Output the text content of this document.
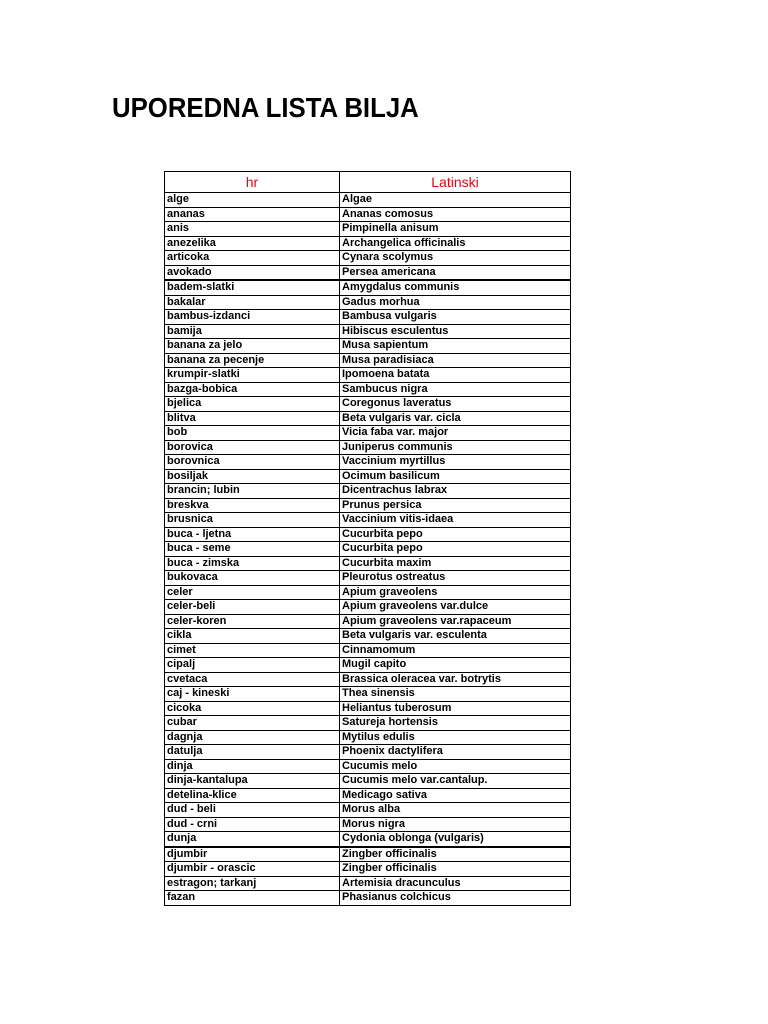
UPOREDNA LISTA BILJA
hr	Latinski
alge	Algae
ananas	Ananas comosus
anis	Pimpinella anisum
anezelika	Archangelica officinalis
articoka	Cynara scolymus
avokado	Persea americana
badem-slatki	Amygdalus communis
bakalar	Gadus morhua
bambus-izdanci	Bambusa vulgaris
bamija	Hibiscus esculentus
banana za jelo	Musa sapientum
banana za pecenje	Musa paradisiaca
krumpir-slatki	Ipomoena batata
bazga-bobica	Sambucus nigra
bjelica	Coregonus laveratus
blitva	Beta vulgaris var. cicla
bob	Vicia faba var. major
borovica	Juniperus communis
borovnica	Vaccinium myrtillus
bosiljak	Ocimum basilicum
brancin; lubin	Dicentrachus labrax
breskva	Prunus persica
brusnica	Vaccinium vitis-idaea
buca - ljetna	Cucurbita pepo
buca - seme	Cucurbita pepo
buca - zimska	Cucurbita maxim
bukovaca	Pleurotus ostreatus
celer	Apium graveolens
celer-beli	Apium graveolens var.dulce
celer-koren	Apium graveolens var.rapaceum
cikla	Beta vulgaris var. esculenta
cimet	Cinnamomum
cipalj	Mugil capito
cvetaca	Brassica oleracea var. botrytis
caj - kineski	Thea sinensis
cicoka	Heliantus tuberosum
cubar	Satureja hortensis
dagnja	Mytilus edulis
datulja	Phoenix dactylifera
dinja	Cucumis melo
dinja-kantalupa	Cucumis melo var.cantalup.
detelina-klice	Medicago sativa
dud - beli	Morus alba
dud - crni	Morus nigra
dunja	Cydonia oblonga (vulgaris)
djumbir	Zingber officinalis
djumbir - orascic	Zingber officinalis
estragon; tarkanj	Artemisia dracunculus
fazan	Phasianus colchicus
